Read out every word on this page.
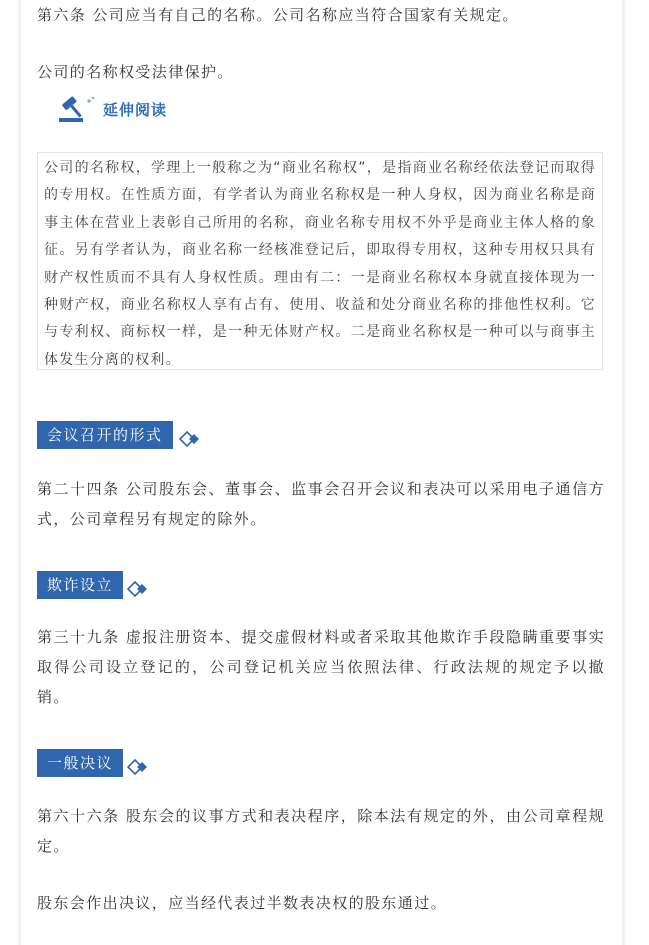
第六条 公司应当有自己的名称。公司名称应当符合国家有关规定。

公司的名称权受法律保护。

延伸阅读

公司的名称权，学理上一般称之为“商业名称权”，是指商业名称经依法登记而取得的专用权。在性质方面，有学者认为商业名称权是一种人身权，因为商业名称是商事主体在营业上表彰自己所用的名称，商业名称专用权不外乎是商业主体人格的象征。另有学者认为，商业名称一经核准登记后，即取得专用权，这种专用权只具有财产权性质而不具有人身权性质。理由有二：一是商业名称权本身就直接体现为一种财产权，商业名称权人享有占有、使用、收益和处分商业名称的排他性权利。它与专利权、商标权一样，是一种无体财产权。二是商业名称权是一种可以与商事主体发生分离的权利。

会议召开的形式

第二十四条 公司股东会、董事会、监事会召开会议和表决可以采用电子通信方式，公司章程另有规定的除外。

欺诈设立

第三十九条 虚报注册资本、提交虚假材料或者采取其他欺诈手段隐瞒重要事实取得公司设立登记的，公司登记机关应当依照法律、行政法规的规定予以撤销。

一般决议

第六十六条 股东会的议事方式和表决程序，除本法有规定的外，由公司章程规定。

股东会作出决议，应当经代表过半数表决权的股东通过。
